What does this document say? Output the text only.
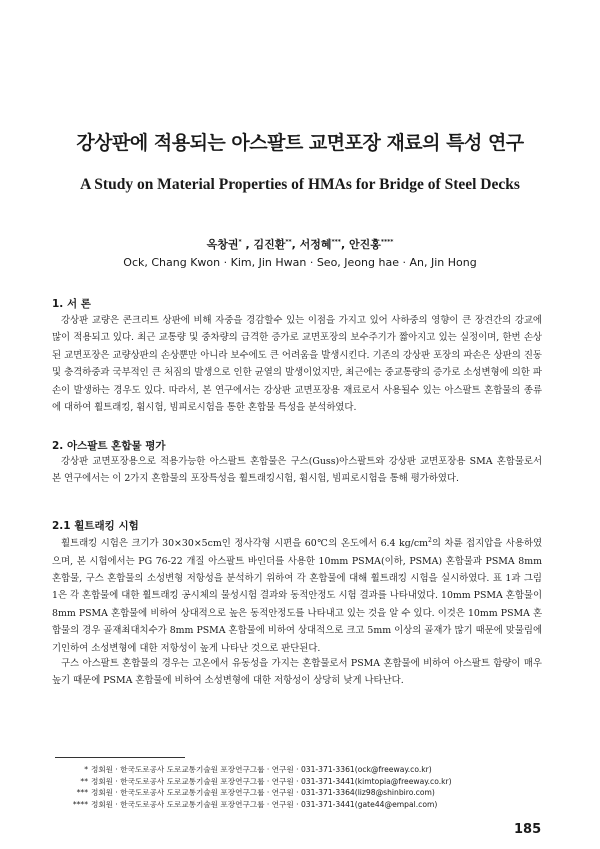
강상판에 적용되는 아스팔트 교면포장 재료의 특성 연구
A Study on Material Properties of HMAs for Bridge of Steel Decks
옥창권* , 김진환**, 서정혜***, 안진홍****
Ock, Chang Kwon · Kim, Jin Hwan · Seo, Jeong hae · An, Jin Hong
1. 서 론

강상판 교량은 콘크리트 상판에 비해 자중을 경감할수 있는 이점을 가지고 있어 사하중의 영향이 큰 장견간의 강교에 많이 적용되고 있다. 최근 교통량 및 중차량의 급격한 증가로 교면포장의 보수주기가 짧아지고 있는 실정이며, 한번 손상된 교면포장은 교량상판의 손상뿐만 아니라 보수에도 큰 어려움을 발생시킨다. 기존의 강상판 포장의 파손은 상판의 진동 및 충격하중과 국부적인 큰 처짐의 발생으로 인한 균열의 발생이었지만, 최근에는 중교통량의 증가로 소성변형에 의한 파손이 발생하는 경우도 있다. 따라서, 본 연구에서는 강상판 교면포장용 재료로서 사용될수 있는 아스팔트 혼합물의 종류에 대하여 휠트래킹, 휨시험, 빔피로시험을 통한 혼합물 특성을 분석하였다.

2. 아스팔트 혼합물 평가

강상판 교면포장용으로 적용가능한 아스팔트 혼합물은 구스(Guss)아스팔트와 강상판 교면포장용 SMA 혼합물로서 본 연구에서는 이 2가지 혼합물의 포장특성을 휠트래킹시험, 휨시험, 빔피로시험을 통해 평가하였다.

2.1 휠트래킹 시험

휠트래킹 시험은 크기가 30×30×5cm인 정사각형 시편을 60℃의 온도에서 6.4 $kg/cm^2$의 차륜 접지압을 사용하였으며, 본 시험에서는 PG 76-22 개질 아스팔트 바인더를 사용한 10mm PSMA(이하, PSMA) 혼합물과 PSMA 8mm 혼합물, 구스 혼합물의 소성변형 저항성을 분석하기 위하여 각 혼합물에 대해 휠트래킹 시험을 실시하였다. 표 1과 그림 1은 각 혼합물에 대한 휠트래킹 공시체의 물성시험 결과와 동적안정도 시험 결과를 나타내었다. 10mm PSMA 혼합물이 8mm PSMA 혼합물에 비하여 상대적으로 높은 동적안정도를 나타내고 있는 것을 알 수 있다. 이것은 10mm PSMA 혼합물의 경우 골재최대치수가 8mm PSMA 혼합물에 비하여 상대적으로 크고 5mm 이상의 골재가 많기 때문에 맞물림에 기인하여 소성변형에 대한 저항성이 높게 나타난 것으로 판단된다.

구스 아스팔트 혼합물의 경우는 고온에서 유동성을 가지는 혼합물로서 PSMA 혼합물에 비하여 아스팔트 함량이 매우 높기 때문에 PSMA 혼합물에 비하여 소성변형에 대한 저항성이 상당히 낮게 나타난다.

* 정회원 · 한국도로공사 도로교통기술원 포장연구그룹 · 연구원 · 031-371-3361(ock@freeway.co.kr)
** 정회원 · 한국도로공사 도로교통기술원 포장연구그룹 · 연구원 · 031-371-3441(kimtopia@freeway.co.kr)
*** 정회원 · 한국도로공사 도로교통기술원 포장연구그룹 · 연구원 · 031-371-3364(liz98@shinbiro.com)
**** 정회원 · 한국도로공사 도로교통기술원 포장연구그룹 · 연구원 · 031-371-3441(gate44@empal.com)
185
